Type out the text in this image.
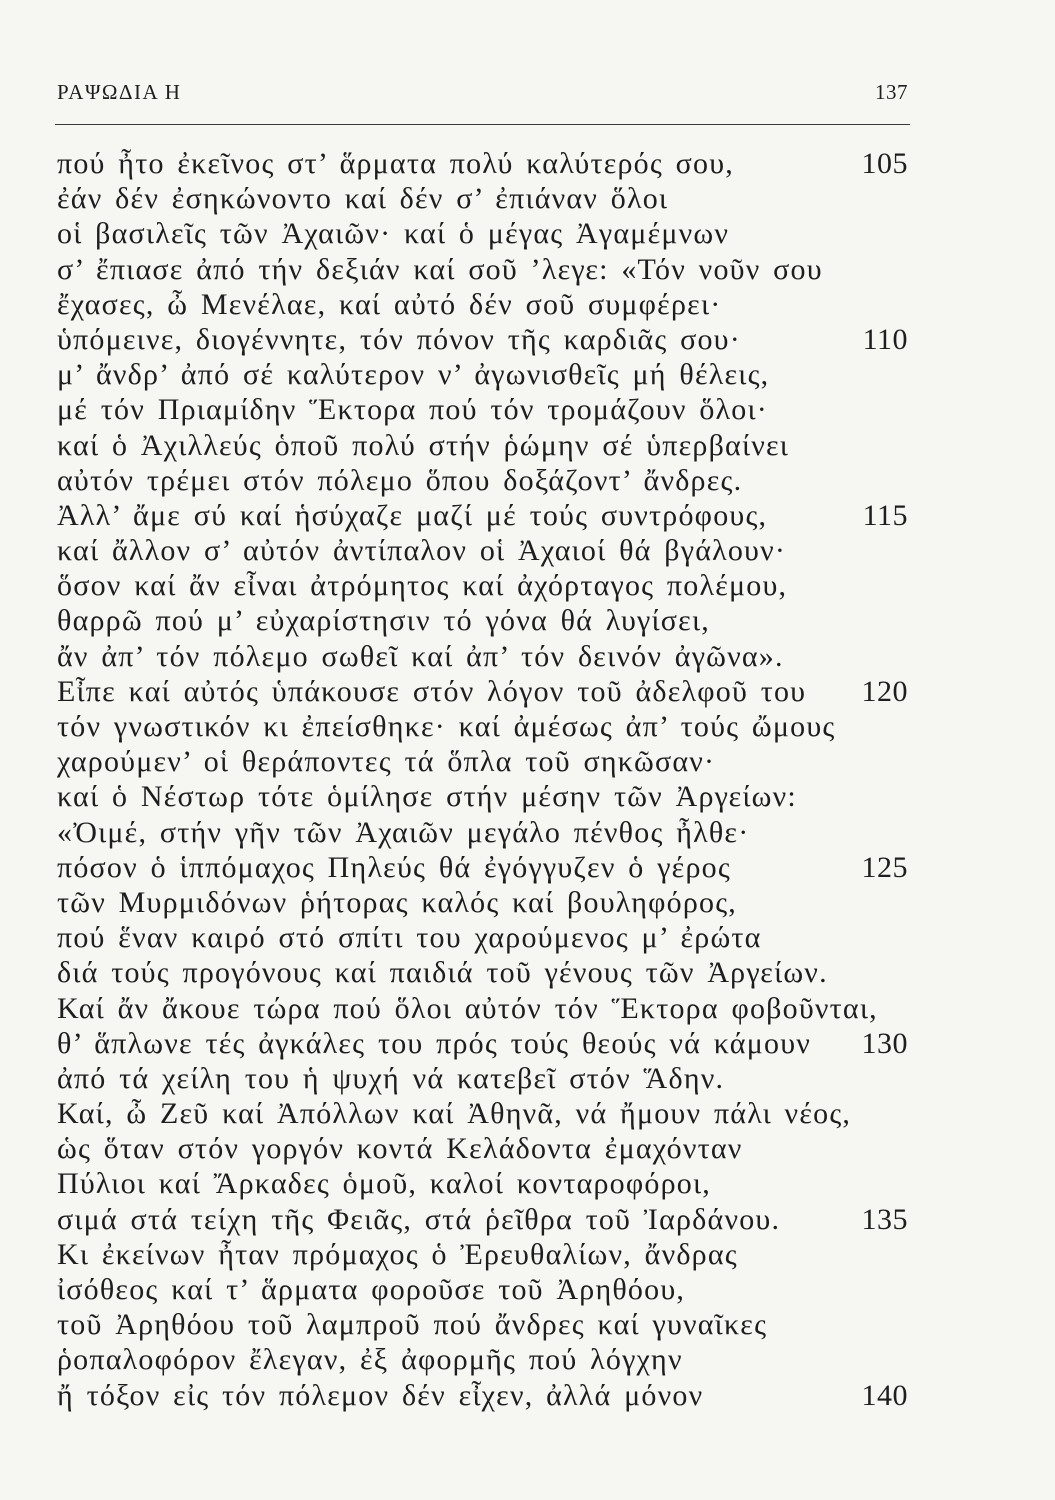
ΡΑΨΩΔΙΑ Η	137
πού ἦτο ἐκεῖνος στ’ ἅρματα πολύ καλύτερός σου,	105
ἐάν δέν ἐσηκώνοντο καί δέν σ’ ἐπιάναν ὅλοι
οἱ βασιλεῖς τῶν Ἀχαιῶν· καί ὁ μέγας Ἀγαμέμνων
σ’ ἔπιασε ἀπό τήν δεξιάν καί σοῦ ’λεγε: «Τόν νοῦν σου
ἔχασες, ὦ Μενέλαε, καί αὐτό δέν σοῦ συμφέρει·
ὑπόμεινε, διογέννητε, τόν πόνον τῆς καρδιᾶς σου·	110
μ’ ἄνδρ’ ἀπό σέ καλύτερον ν’ ἀγωνισθεῖς μή θέλεις,
μέ τόν Πριαμίδην Ἕκτορα πού τόν τρομάζουν ὅλοι·
καί ὁ Ἀχιλλεύς ὁποῦ πολύ στήν ῥώμην σέ ὑπερβαίνει
αὐτόν τρέμει στόν πόλεμο ὅπου δοξάζοντ’ ἄνδρες.
Ἀλλ’ ἄμε σύ καί ἡσύχαζε μαζί μέ τούς συντρόφους,	115
καί ἄλλον σ’ αὐτόν ἀντίπαλον οἱ Ἀχαιοί θά βγάλουν·
ὅσον καί ἄν εἶναι ἀτρόμητος καί ἀχόρταγος πολέμου,
θαρρῶ πού μ’ εὐχαρίστησιν τό γόνα θά λυγίσει,
ἄν ἀπ’ τόν πόλεμο σωθεῖ καί ἀπ’ τόν δεινόν ἀγῶνα».
Εἶπε καί αὐτός ὑπάκουσε στόν λόγον τοῦ ἀδελφοῦ του 120
τόν γνωστικόν κι ἐπείσθηκε· καί ἀμέσως ἀπ’ τούς ὤμους
χαρούμεν’ οἱ θεράποντες τά ὅπλα τοῦ σηκῶσαν·
καί ὁ Νέστωρ τότε ὁμίλησε στήν μέσην τῶν Ἀργείων:
«Ὀιμέ, στήν γῆν τῶν Ἀχαιῶν μεγάλο πένθος ἦλθε·
πόσον ὁ ἱππόμαχος Πηλεύς θά ἐγόγγυζεν ὁ γέρος	125
τῶν Μυρμιδόνων ῥήτορας καλός καί βουληφόρος,
πού ἕναν καιρό στό σπίτι του χαρούμενος μ’ ἐρώτα
διά τούς προγόνους καί παιδιά τοῦ γένους τῶν Ἀργείων.
Καί ἄν ἄκουε τώρα πού ὅλοι αὐτόν τόν Ἕκτορα φοβοῦνται,
θ’ ἅπλωνε τές ἀγκάλες του πρός τούς θεούς νά κάμουν 130
ἀπό τά χείλη του ἡ ψυχή νά κατεβεῖ στόν Ἅδην.
Καί, ὦ Ζεῦ καί Ἀπόλλων καί Ἀθηνᾶ, νά ἤμουν πάλι νέος,
ὡς ὅταν στόν γοργόν κοντά Κελάδοντα ἐμαχόνταν
Πύλιοι καί Ἄρκαδες ὁμοῦ, καλοί κονταροφόροι,
σιμά στά τείχη τῆς Φειᾶς, στά ῥεῖθρα τοῦ Ἰαρδάνου.	135
Κι ἐκείνων ἦταν πρόμαχος ὁ Ἐρευθαλίων, ἄνδρας
ἰσόθεος καί τ’ ἅρματα φοροῦσε τοῦ Ἀρηθόου,
τοῦ Ἀρηθόου τοῦ λαμπροῦ πού ἄνδρες καί γυναῖκες
ῥοπαλοφόρον ἔλεγαν, ἐξ ἀφορμῆς πού λόγχην
ἤ τόξον εἰς τόν πόλεμον δέν εἶχεν, ἀλλά μόνον	140
